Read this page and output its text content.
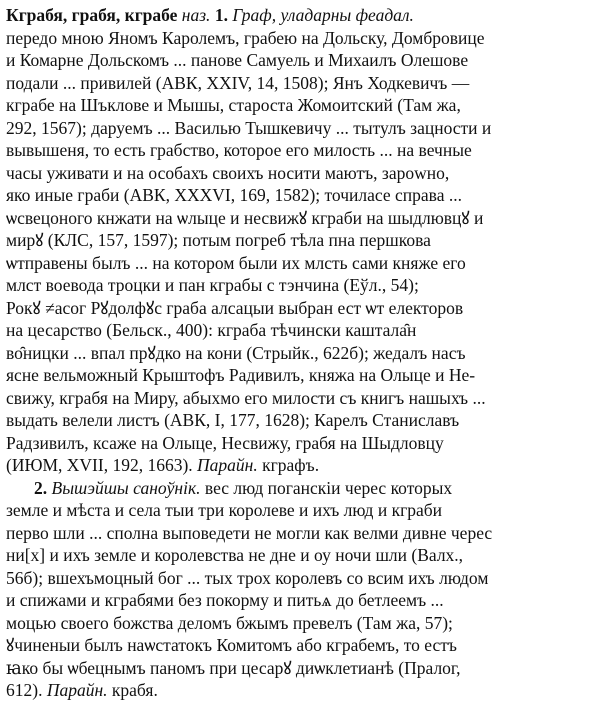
Кграбя, грабя, кграбе наз. 1. Граф, уладарны феадал.
передо мною Яномъ Каролемъ, грабею на Дольску, Домбровице
и Комарне Дольскомъ ... панове Самуель и Михаилъ Олешове
подали ... привилей (АВК, XXIV, 14, 1508); Янъ Ходкевичъ —
кграбе на Шъклове и Мышы, староста Жомоитский (Там жа,
292, 1567); даруемъ ... Василью Тышкевичу ... тытулъ зацности и
вывышеня, то есть грабство, которое его милость ... на вечные
часы уживати и на особахъ своихъ носити маютъ, зарowно,
яко иные граби (АВК, XXXVI, 169, 1582); точиласе справа ...
ѡсвецоного кнжати на ѡлыце и несвижꙋ кграби на шыдлювцꙋ и
мирꙋ (КЛС, 157, 1597); потым погреб тѣла пна першкова
ѡтправены былъ ... на котором были их млсть сами княже его
млст воевода троцки и пан кграбы с тэнчина (Еўл., 54);
Рокꙋ ≠асог Рꙋдолфꙋс граба алсацыи выбран ест ѡт електоров
на цесарство (Бельск., 400): кграба тѣчински каштала̑н
во̑ницки ... впал прꙋдко на кони (Стрыйк., 622б); жедалъ насъ
ясне вельможный Крыштофъ Радивилъ, княжа на Олыце и Не-
свижу, кграбя на Миру, абыхмо его милости съ книгъ нашыхъ ...
выдать велели листъ (АВК, I, 177, 1628); Карелъ Станиславъ
Радзивилъ, ксаже на Олыце, Несвижу, грабя на Шыдловцу
(ИЮМ, XVII, 192, 1663). Парайн. кграфъ.
2. Вышэйшы саноўнік. вес люд поганскіи черес которых
земле и мѣста и села тыи три королеве и ихъ люд и кграби
перво шли ... сполна выповедети не могли как велми дивне черес
ни[х] и ихъ земле и королевства не дне и оу ночи шли (Валх.,
56б); вшехъмоцный бог ... тых трох королевъ со всим ихъ людом
и спижами и кграбями без покорму и питьѧ до бетлеемъ ...
моцью своего божства деломъ бжымъ превелъ (Там жа, 57);
ꙋчиненыи былъ наѡстатокъ Комитомъ або кграбемъ, то естъ
ꙗко бы ѡбецнымъ паномъ при цесарꙋ диѡклетианѣ (Пралог,
612). Парайн. крабя.
